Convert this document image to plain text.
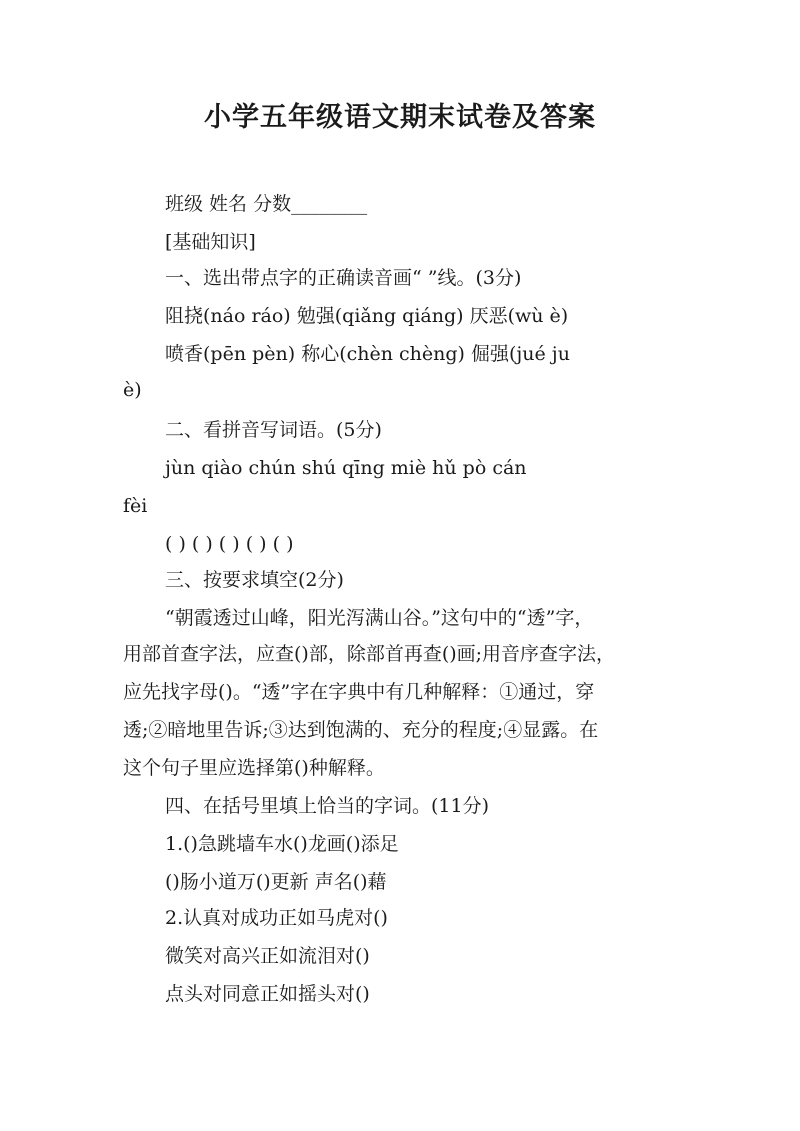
小学五年级语文期末试卷及答案
班级 姓名 分数________
[基础知识]
一、选出带点字的正确读音画“ ”线。(3分)
阻挠(náo ráo) 勉强(qiǎng qiáng) 厌恶(wù è)
喷香(pēn pèn) 称心(chèn chèng) 倔强(jué ju
è)
二、看拼音写词语。(5分)
jùn qiào chún shú qīng miè hǔ pò cán
fèi
( ) ( ) ( ) ( ) ( )
三、按要求填空(2分)
“朝霞透过山峰，阳光泻满山谷。”这句中的“透”字，
用部首查字法，应查()部，除部首再查()画;用音序查字法，
应先找字母()。“透”字在字典中有几种解释：①通过，穿
透;②暗地里告诉;③达到饱满的、充分的程度;④显露。在
这个句子里应选择第()种解释。
四、在括号里填上恰当的字词。(11分)
1.()急跳墙车水()龙画()添足
()肠小道万()更新 声名()藉
2.认真对成功正如马虎对()
微笑对高兴正如流泪对()
点头对同意正如摇头对()
